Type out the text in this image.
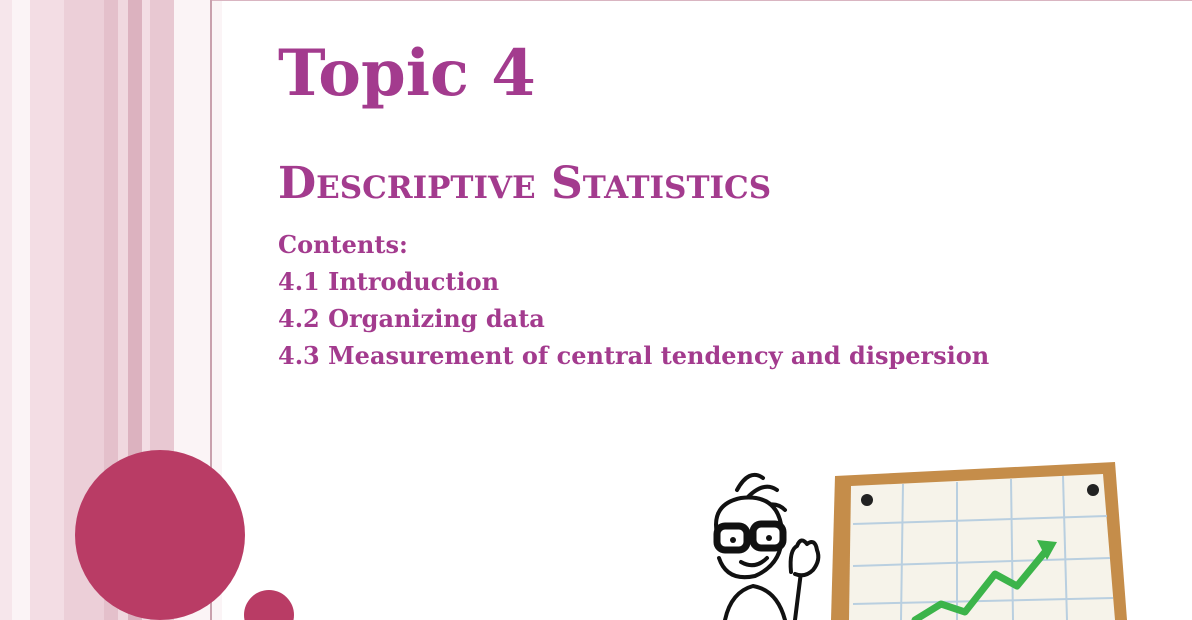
Topic 4
Descriptive Statistics
Contents:
4.1 Introduction
4.2 Organizing data
4.3 Measurement of central tendency and dispersion
